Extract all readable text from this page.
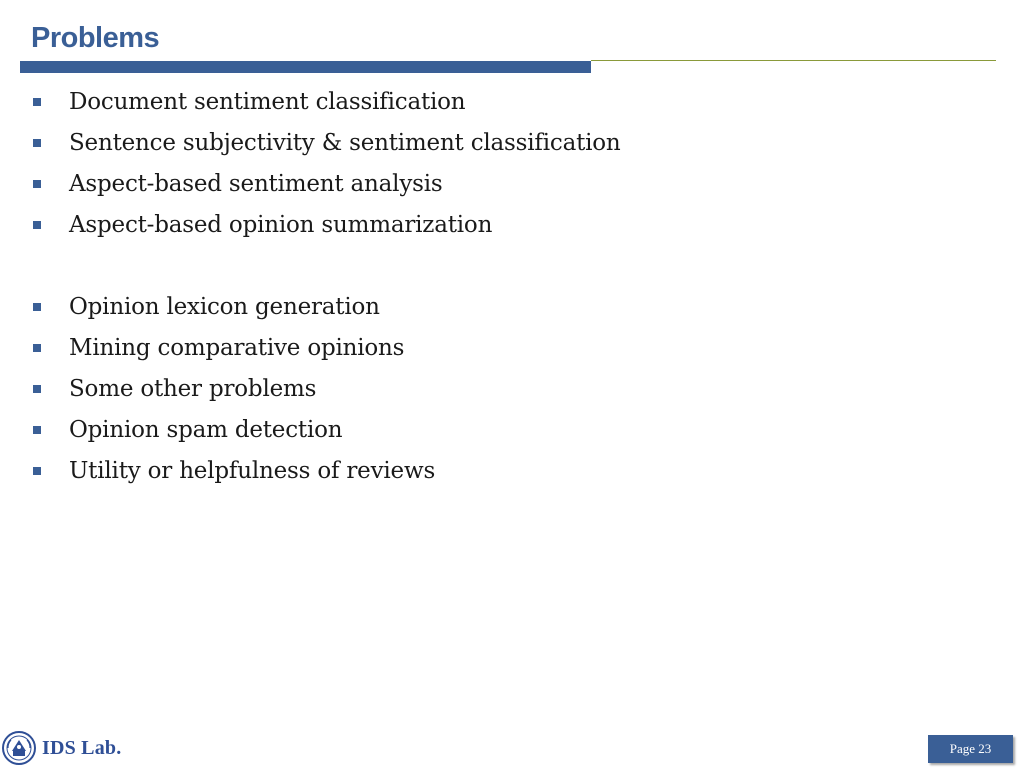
Problems
Document sentiment classification
Sentence subjectivity & sentiment classification
Aspect-based sentiment analysis
Aspect-based opinion summarization
Opinion lexicon generation
Mining comparative opinions
Some other problems
Opinion spam detection
Utility or helpfulness of reviews
IDS Lab.	Page 23
